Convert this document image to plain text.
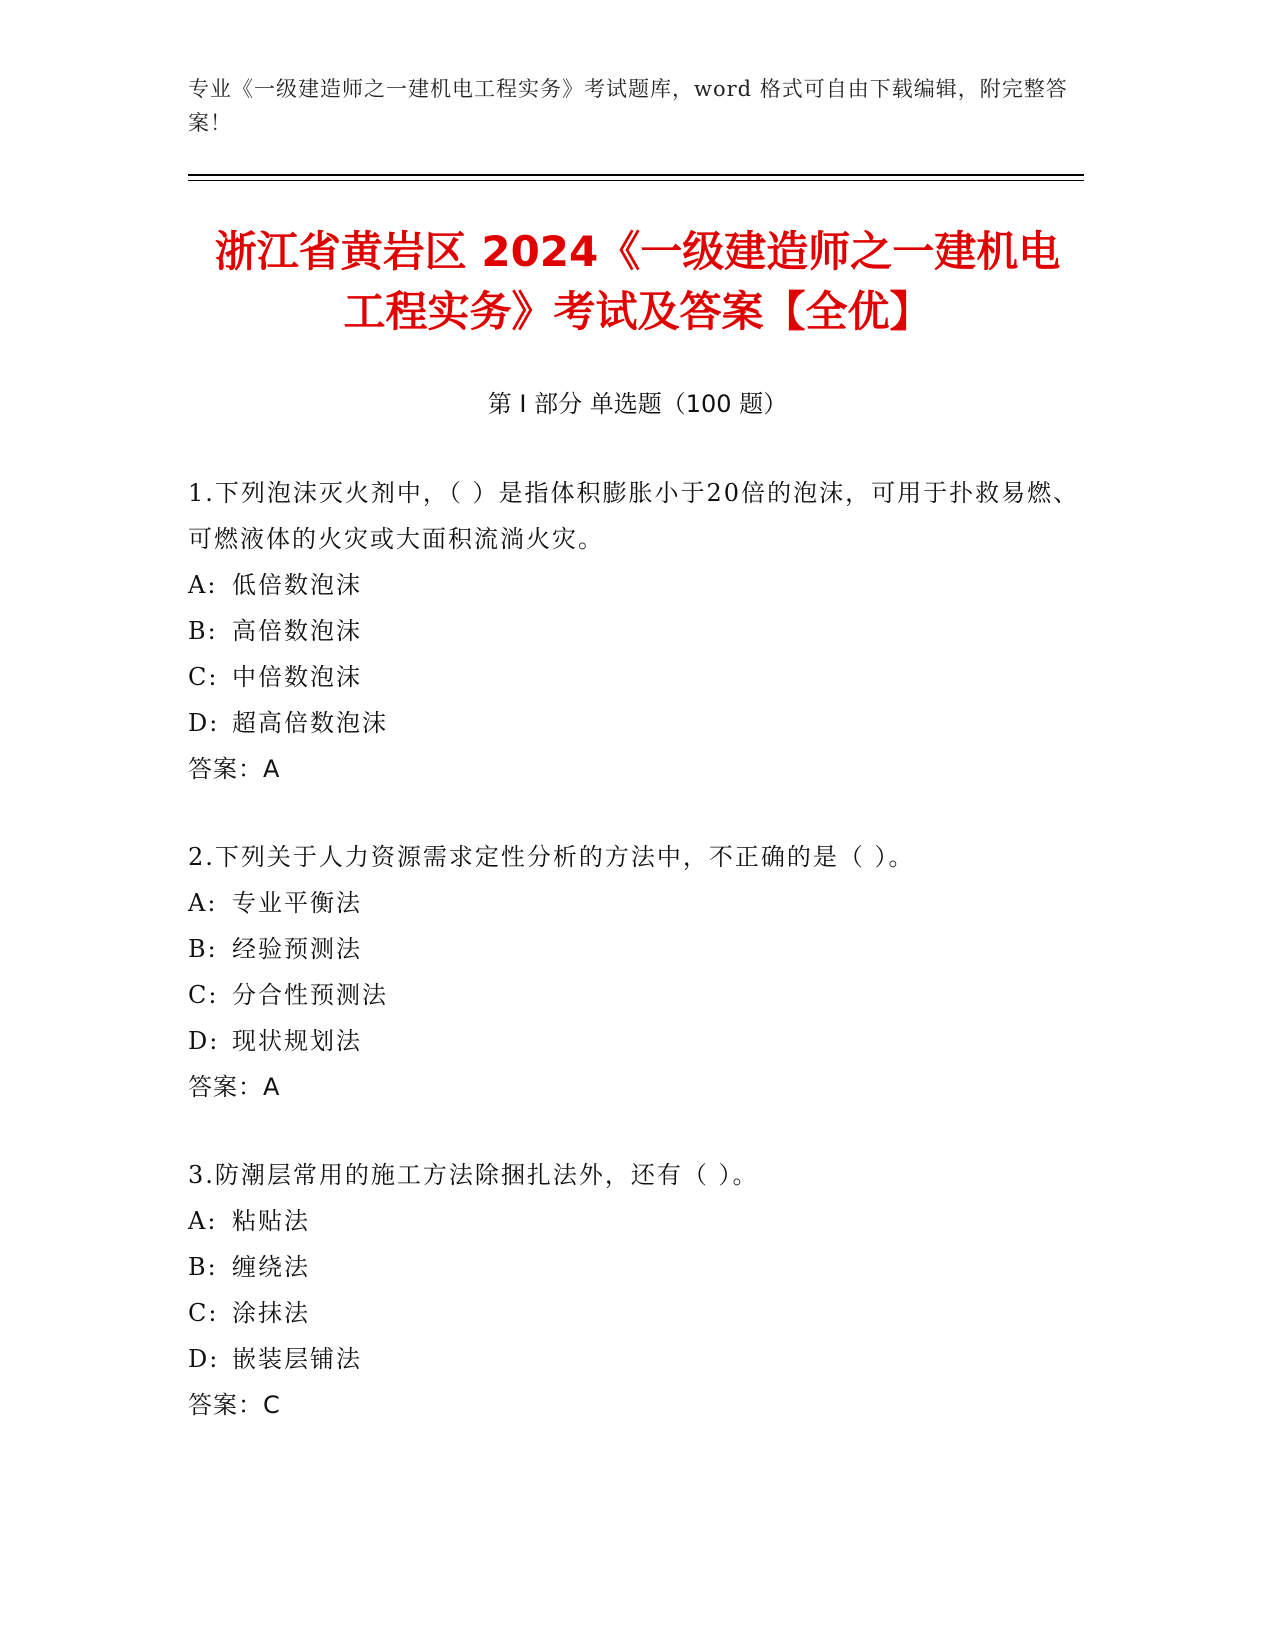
专业《一级建造师之一建机电工程实务》考试题库，word 格式可自由下载编辑，附完整答案！
浙江省黄岩区 2024《一级建造师之一建机电
工程实务》考试及答案【全优】
第 I 部分 单选题（100 题）
1.下列泡沫灭火剂中，（ ）是指体积膨胀小于20倍的泡沫，可用于扑救易燃、可燃液体的火灾或大面积流淌火灾。
A: 低倍数泡沫
B: 高倍数泡沫
C: 中倍数泡沫
D: 超高倍数泡沫
答案：A
2.下列关于人力资源需求定性分析的方法中，不正确的是（ ）。
A: 专业平衡法
B: 经验预测法
C: 分合性预测法
D: 现状规划法
答案：A
3.防潮层常用的施工方法除捆扎法外，还有（ ）。
A: 粘贴法
B: 缠绕法
C: 涂抹法
D: 嵌装层铺法
答案：C
